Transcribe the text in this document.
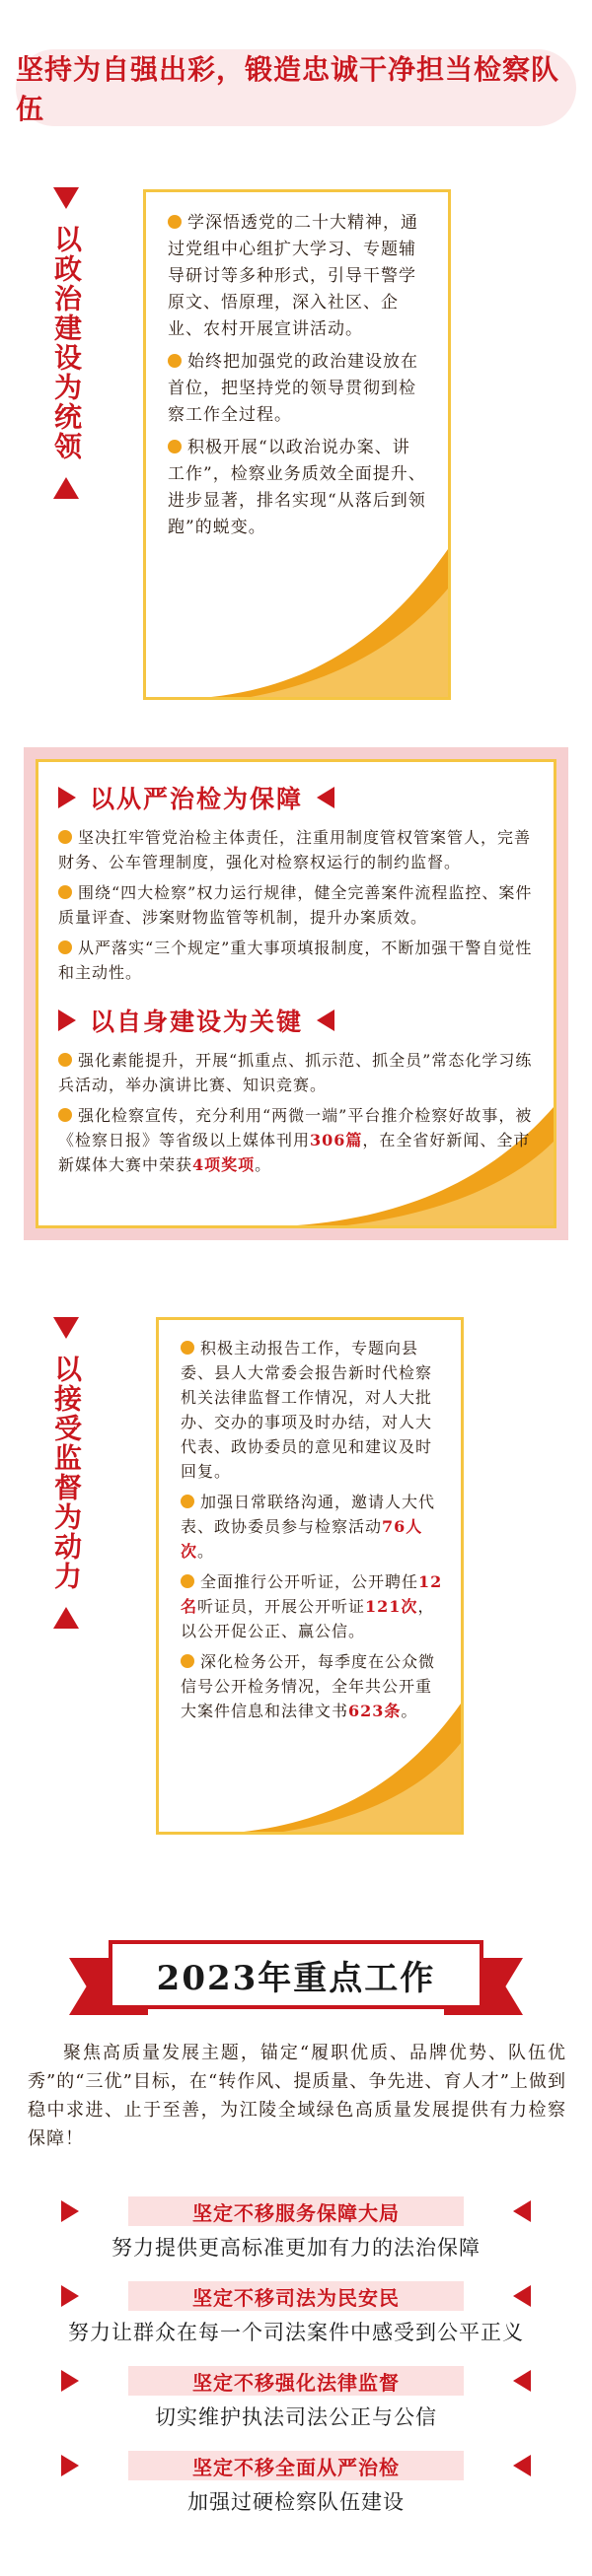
坚持为自强出彩，锻造忠诚干净担当检察队伍
以政治建设为统领

学深悟透党的二十大精神，通过党组中心组扩大学习、专题辅导研讨等多种形式，引导干警学原文、悟原理，深入社区、企业、农村开展宣讲活动。

始终把加强党的政治建设放在首位，把坚持党的领导贯彻到检察工作全过程。

积极开展“以政治说办案、讲工作”，检察业务质效全面提升、进步显著，排名实现“从落后到领跑”的蜕变。

以从严治检为保障

坚决扛牢管党治检主体责任，注重用制度管权管案管人，完善财务、公车管理制度，强化对检察权运行的制约监督。

围绕“四大检察”权力运行规律，健全完善案件流程监控、案件质量评查、涉案财物监管等机制，提升办案质效。

从严落实“三个规定”重大事项填报制度，不断加强干警自觉性和主动性。

以自身建设为关键

强化素能提升，开展“抓重点、抓示范、抓全员”常态化学习练兵活动，举办演讲比赛、知识竞赛。

强化检察宣传，充分利用“两微一端”平台推介检察好故事，被《检察日报》等省级以上媒体刊用306篇，在全省好新闻、全市新媒体大赛中荣获4项奖项。

以接受监督为动力

积极主动报告工作，专题向县委、县人大常委会报告新时代检察机关法律监督工作情况，对人大批办、交办的事项及时办结，对人大代表、政协委员的意见和建议及时回复。

加强日常联络沟通，邀请人大代表、政协委员参与检察活动76人次。

全面推行公开听证，公开聘任12名听证员，开展公开听证121次，以公开促公正、赢公信。

深化检务公开，每季度在公众微信号公开检务情况，全年共公开重大案件信息和法律文书623条。

2023年重点工作

聚焦高质量发展主题，锚定“履职优质、品牌优势、队伍优秀”的“三优”目标，在“转作风、提质量、争先进、育人才”上做到稳中求进、止于至善，为江陵全域绿色高质量发展提供有力检察保障！

坚定不移服务保障大局
努力提供更高标准更加有力的法治保障
坚定不移司法为民安民
努力让群众在每一个司法案件中感受到公平正义
坚定不移强化法律监督
切实维护执法司法公正与公信
坚定不移全面从严治检
加强过硬检察队伍建设
